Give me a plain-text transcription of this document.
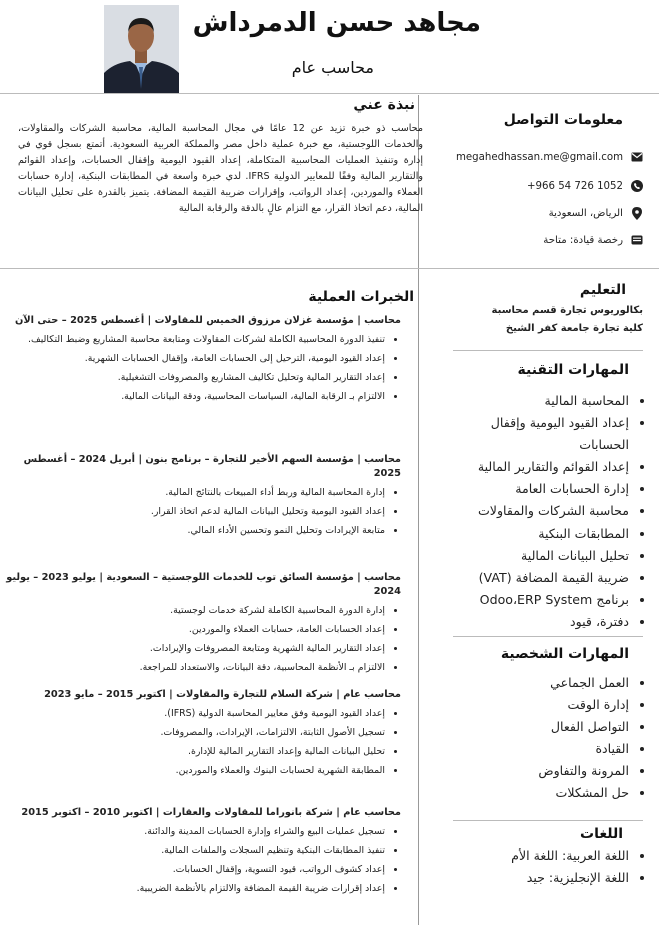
مجاهد حسن الدمرداش
محاسب عام
نبذة عني
محاسب ذو خبرة تزيد عن 12 عامًا في مجال المحاسبة المالية، محاسبة الشركات والمقاولات، والخدمات اللوجستية، مع خبرة عملية داخل مصر والمملكة العربية السعودية. أتمتع بسجل قوي في إدارة وتنفيذ العمليات المحاسبية المتكاملة، إعداد القيود اليومية وإقفال الحسابات، وإعداد القوائم والتقارير المالية وفقًا للمعايير الدولية IFRS. لدي خبرة واسعة في المطابقات البنكية، إدارة حسابات العملاء والموردين، إعداد الرواتب، وإقرارات ضريبة القيمة المضافة. يتميز بالقدرة على تحليل البيانات المالية، دعم اتخاذ القرار، مع التزام عالٍ بالدقة والرقابة المالية
معلومات التواصل
megahedhassan.me@gmail.com
+966 54 726 1052
الرياض، السعودية
رخصة قيادة: متاحة
التعليم
بكالوريوس تجارة قسم محاسبة
كلية تجارة جامعة كفر الشيخ
المهارات التقنية
• المحاسبة المالية
• إعداد القيود اليومية وإقفال الحسابات
• إعداد القوائم والتقارير المالية
• إدارة الحسابات العامة
• محاسبة الشركات والمقاولات
• المطابقات البنكية
• تحليل البيانات المالية
• ضريبة القيمة المضافة (VAT)
• برنامج Odoo،ERP System
• دفترة، قيود
المهارات الشخصية
• العمل الجماعي
• إدارة الوقت
• التواصل الفعال
• القيادة
• المرونة والتفاوض
• حل المشكلات
اللغات
• اللغة العربية: اللغة الأم
• اللغة الإنجليزية: جيد
الخبرات العملية

محاسب | مؤسسة غزلان مرزوق الخميس للمقاولات | أغسطس 2025 – حتى الآن

• تنفيذ الدورة المحاسبية الكاملة لشركات المقاولات ومتابعة محاسبة المشاريع وضبط التكاليف.
• إعداد القيود اليومية، الترحيل إلى الحسابات العامة، وإقفال الحسابات الشهرية.
• إعداد التقارير المالية وتحليل تكاليف المشاريع والمصروفات التشغيلية.
• الالتزام بـ الرقابة المالية، السياسات المحاسبية، ودقة البيانات المالية.

محاسب | مؤسسة السهم الأخير للتجارة – برنامج بنون | أبريل 2024 – أغسطس 2025

• إدارة المحاسبة المالية وربط أداء المبيعات بالنتائج المالية.
• إعداد القيود اليومية وتحليل البيانات المالية لدعم اتخاذ القرار.
• متابعة الإيرادات وتحليل النمو وتحسين الأداء المالي.

محاسب | مؤسسة السائق توب للخدمات اللوجستية – السعودية | يوليو 2023 – يوليو 2024

• إدارة الدورة المحاسبية الكاملة لشركة خدمات لوجستية.
• إعداد الحسابات العامة، حسابات العملاء والموردين.
• إعداد التقارير المالية الشهرية ومتابعة المصروفات والإيرادات.
• الالتزام بـ الأنظمة المحاسبية، دقة البيانات، والاستعداد للمراجعة.

محاسب عام | شركة السلام للتجارة والمقاولات | اكتوبر 2015 – مايو 2023

• إعداد القيود اليومية وفق معايير المحاسبة الدولية (IFRS).
• تسجيل الأصول الثابتة، الالتزامات، الإيرادات، والمصروفات.
• تحليل البيانات المالية وإعداد التقارير المالية للإدارة.
• المطابقة الشهرية لحسابات البنوك والعملاء والموردين.

محاسب عام | شركة بانوراما للمقاولات والعقارات | اكتوبر 2010 – اكتوبر 2015

• تسجيل عمليات البيع والشراء وإدارة الحسابات المدينة والدائنة.
• تنفيذ المطابقات البنكية وتنظيم السجلات والملفات المالية.
• إعداد كشوف الرواتب، قيود التسوية، وإقفال الحسابات.
• إعداد إقرارات ضريبة القيمة المضافة والالتزام بالأنظمة الضريبية.
